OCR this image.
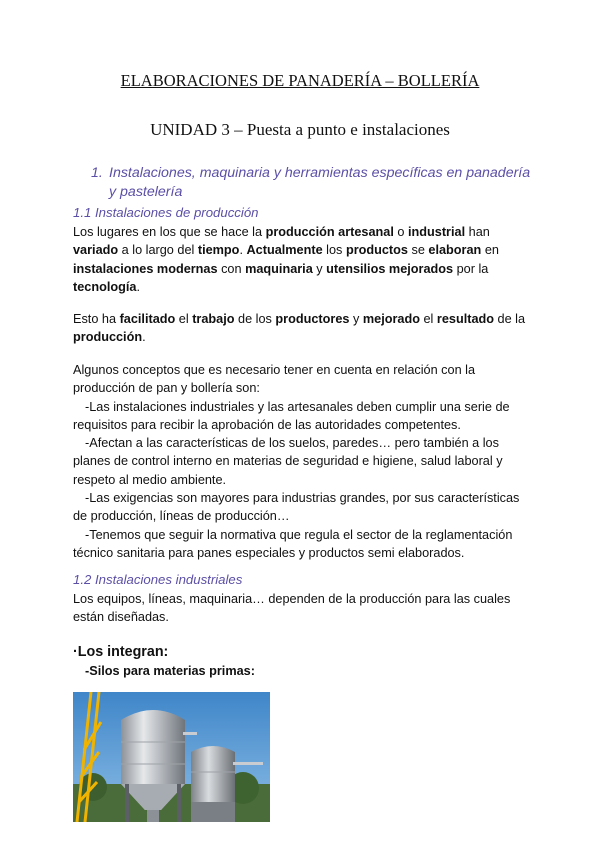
ELABORACIONES DE PANADERÍA – BOLLERÍA
UNIDAD 3 – Puesta a punto e instalaciones
1. Instalaciones, maquinaria y herramientas específicas en panadería y pastelería
1.1 Instalaciones de producción
Los lugares en los que se hace la producción artesanal o industrial han variado a lo largo del tiempo. Actualmente los productos se elaboran en instalaciones modernas con maquinaria y utensilios mejorados por la tecnología.
Esto ha facilitado el trabajo de los productores y mejorado el resultado de la producción.
Algunos conceptos que es necesario tener en cuenta en relación con la producción de pan y bollería son:
-Las instalaciones industriales y las artesanales deben cumplir una serie de requisitos para recibir la aprobación de las autoridades competentes.
-Afectan a las características de los suelos, paredes… pero también a los planes de control interno en materias de seguridad e higiene, salud laboral y respeto al medio ambiente.
-Las exigencias son mayores para industrias grandes, por sus características de producción, líneas de producción…
-Tenemos que seguir la normativa que regula el sector de la reglamentación técnico sanitaria para panes especiales y productos semi elaborados.
1.2 Instalaciones industriales
Los equipos, líneas, maquinaria… dependen de la producción para las cuales están diseñadas.
·Los integran:
-Silos para materias primas:
